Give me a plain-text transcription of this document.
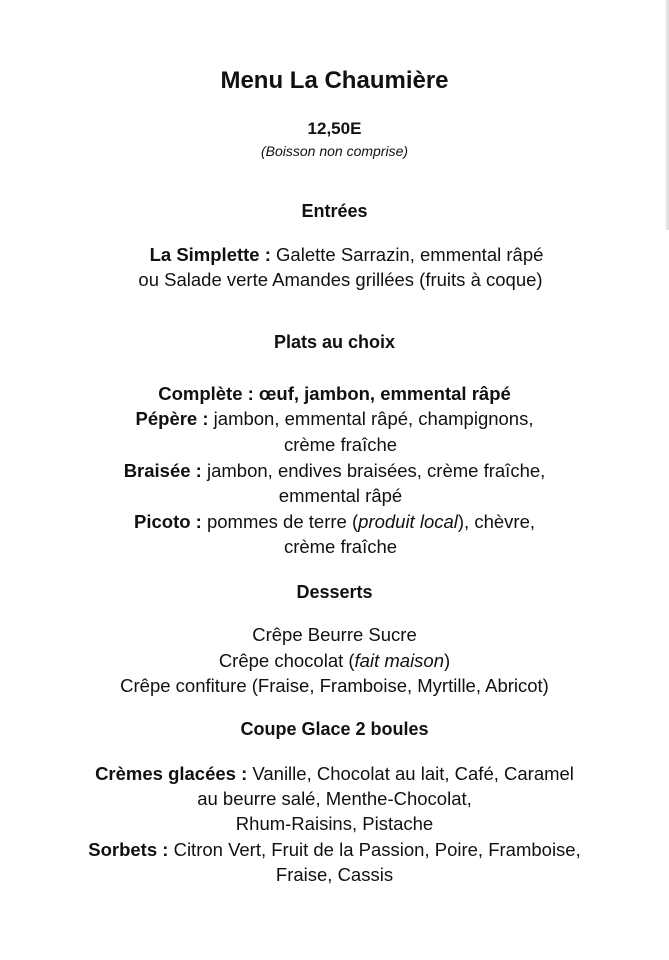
Menu La Chaumière
12,50E
(Boisson non comprise)
Entrées
La Simplette : Galette Sarrazin, emmental râpé
ou Salade verte Amandes grillées (fruits à coque)
Plats au choix
Complète : œuf, jambon, emmental râpé
Pépère : jambon, emmental râpé, champignons,
crème fraîche
Braisée : jambon, endives braisées, crème fraîche,
emmental râpé
Picoto : pommes de terre (produit local), chèvre,
crème fraîche
Desserts
Crêpe Beurre Sucre
Crêpe chocolat (fait maison)
Crêpe confiture (Fraise, Framboise, Myrtille, Abricot)
Coupe Glace 2 boules
Crèmes glacées : Vanille, Chocolat au lait, Café, Caramel
au beurre salé, Menthe-Chocolat,
Rhum-Raisins, Pistache
Sorbets : Citron Vert, Fruit de la Passion, Poire, Framboise,
Fraise, Cassis
